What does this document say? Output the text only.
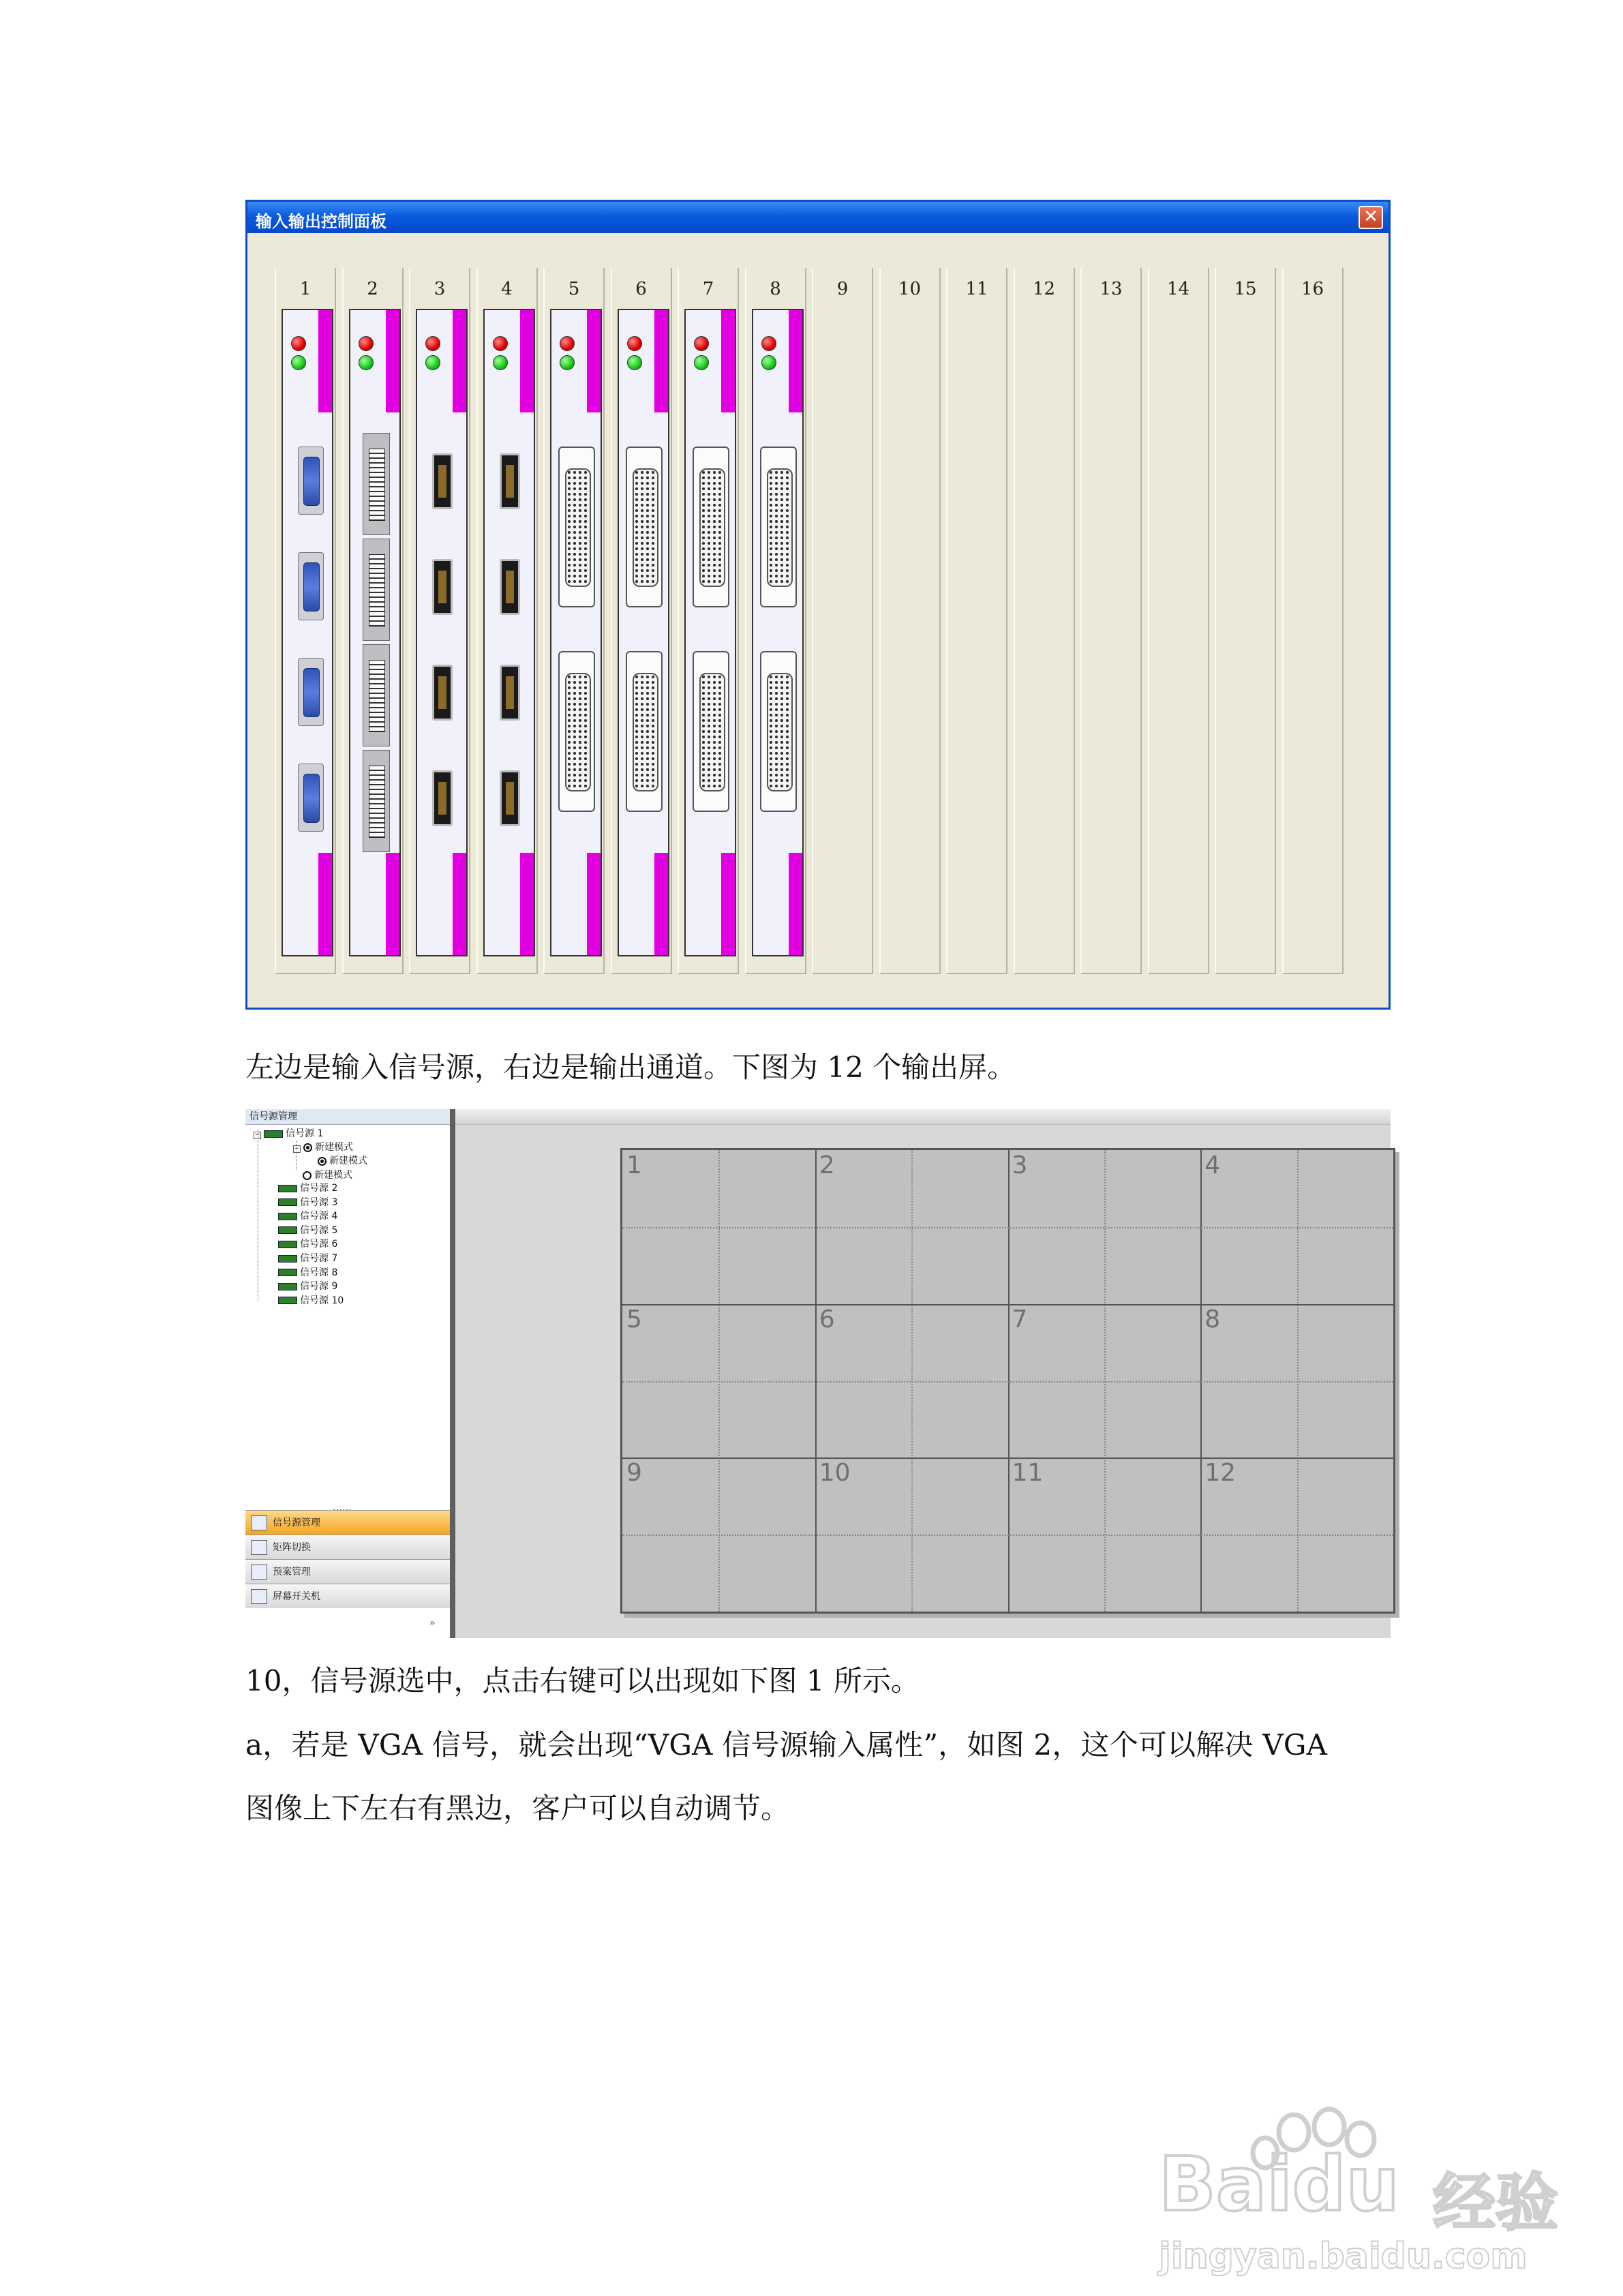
输入输出控制面板	✕
1	2	3	4	5	6	7	8	9	10	11	12	13	14	15	16
左边是输入信号源，右边是输出通道。下图为 12 个输出屏。
信号源管理
−	信号源 1
− 新建模式
新建模式
新建模式
信号源 2
信号源 3
信号源 4
信号源 5
信号源 6
信号源 7
信号源 8
信号源 9
信号源 10
信号源管理
矩阵切换
预案管理
屏幕开关机
»
1	2	3	4
5	6	7	8
9	10	11	12
10，信号源选中，点击右键可以出现如下图 1 所示。
a，若是 VGA 信号，就会出现“VGA 信号源输入属性”，如图 2，这个可以解决 VGA
图像上下左右有黑边，客户可以自动调节。
Baidu 经验
jingyan.baidu.com
